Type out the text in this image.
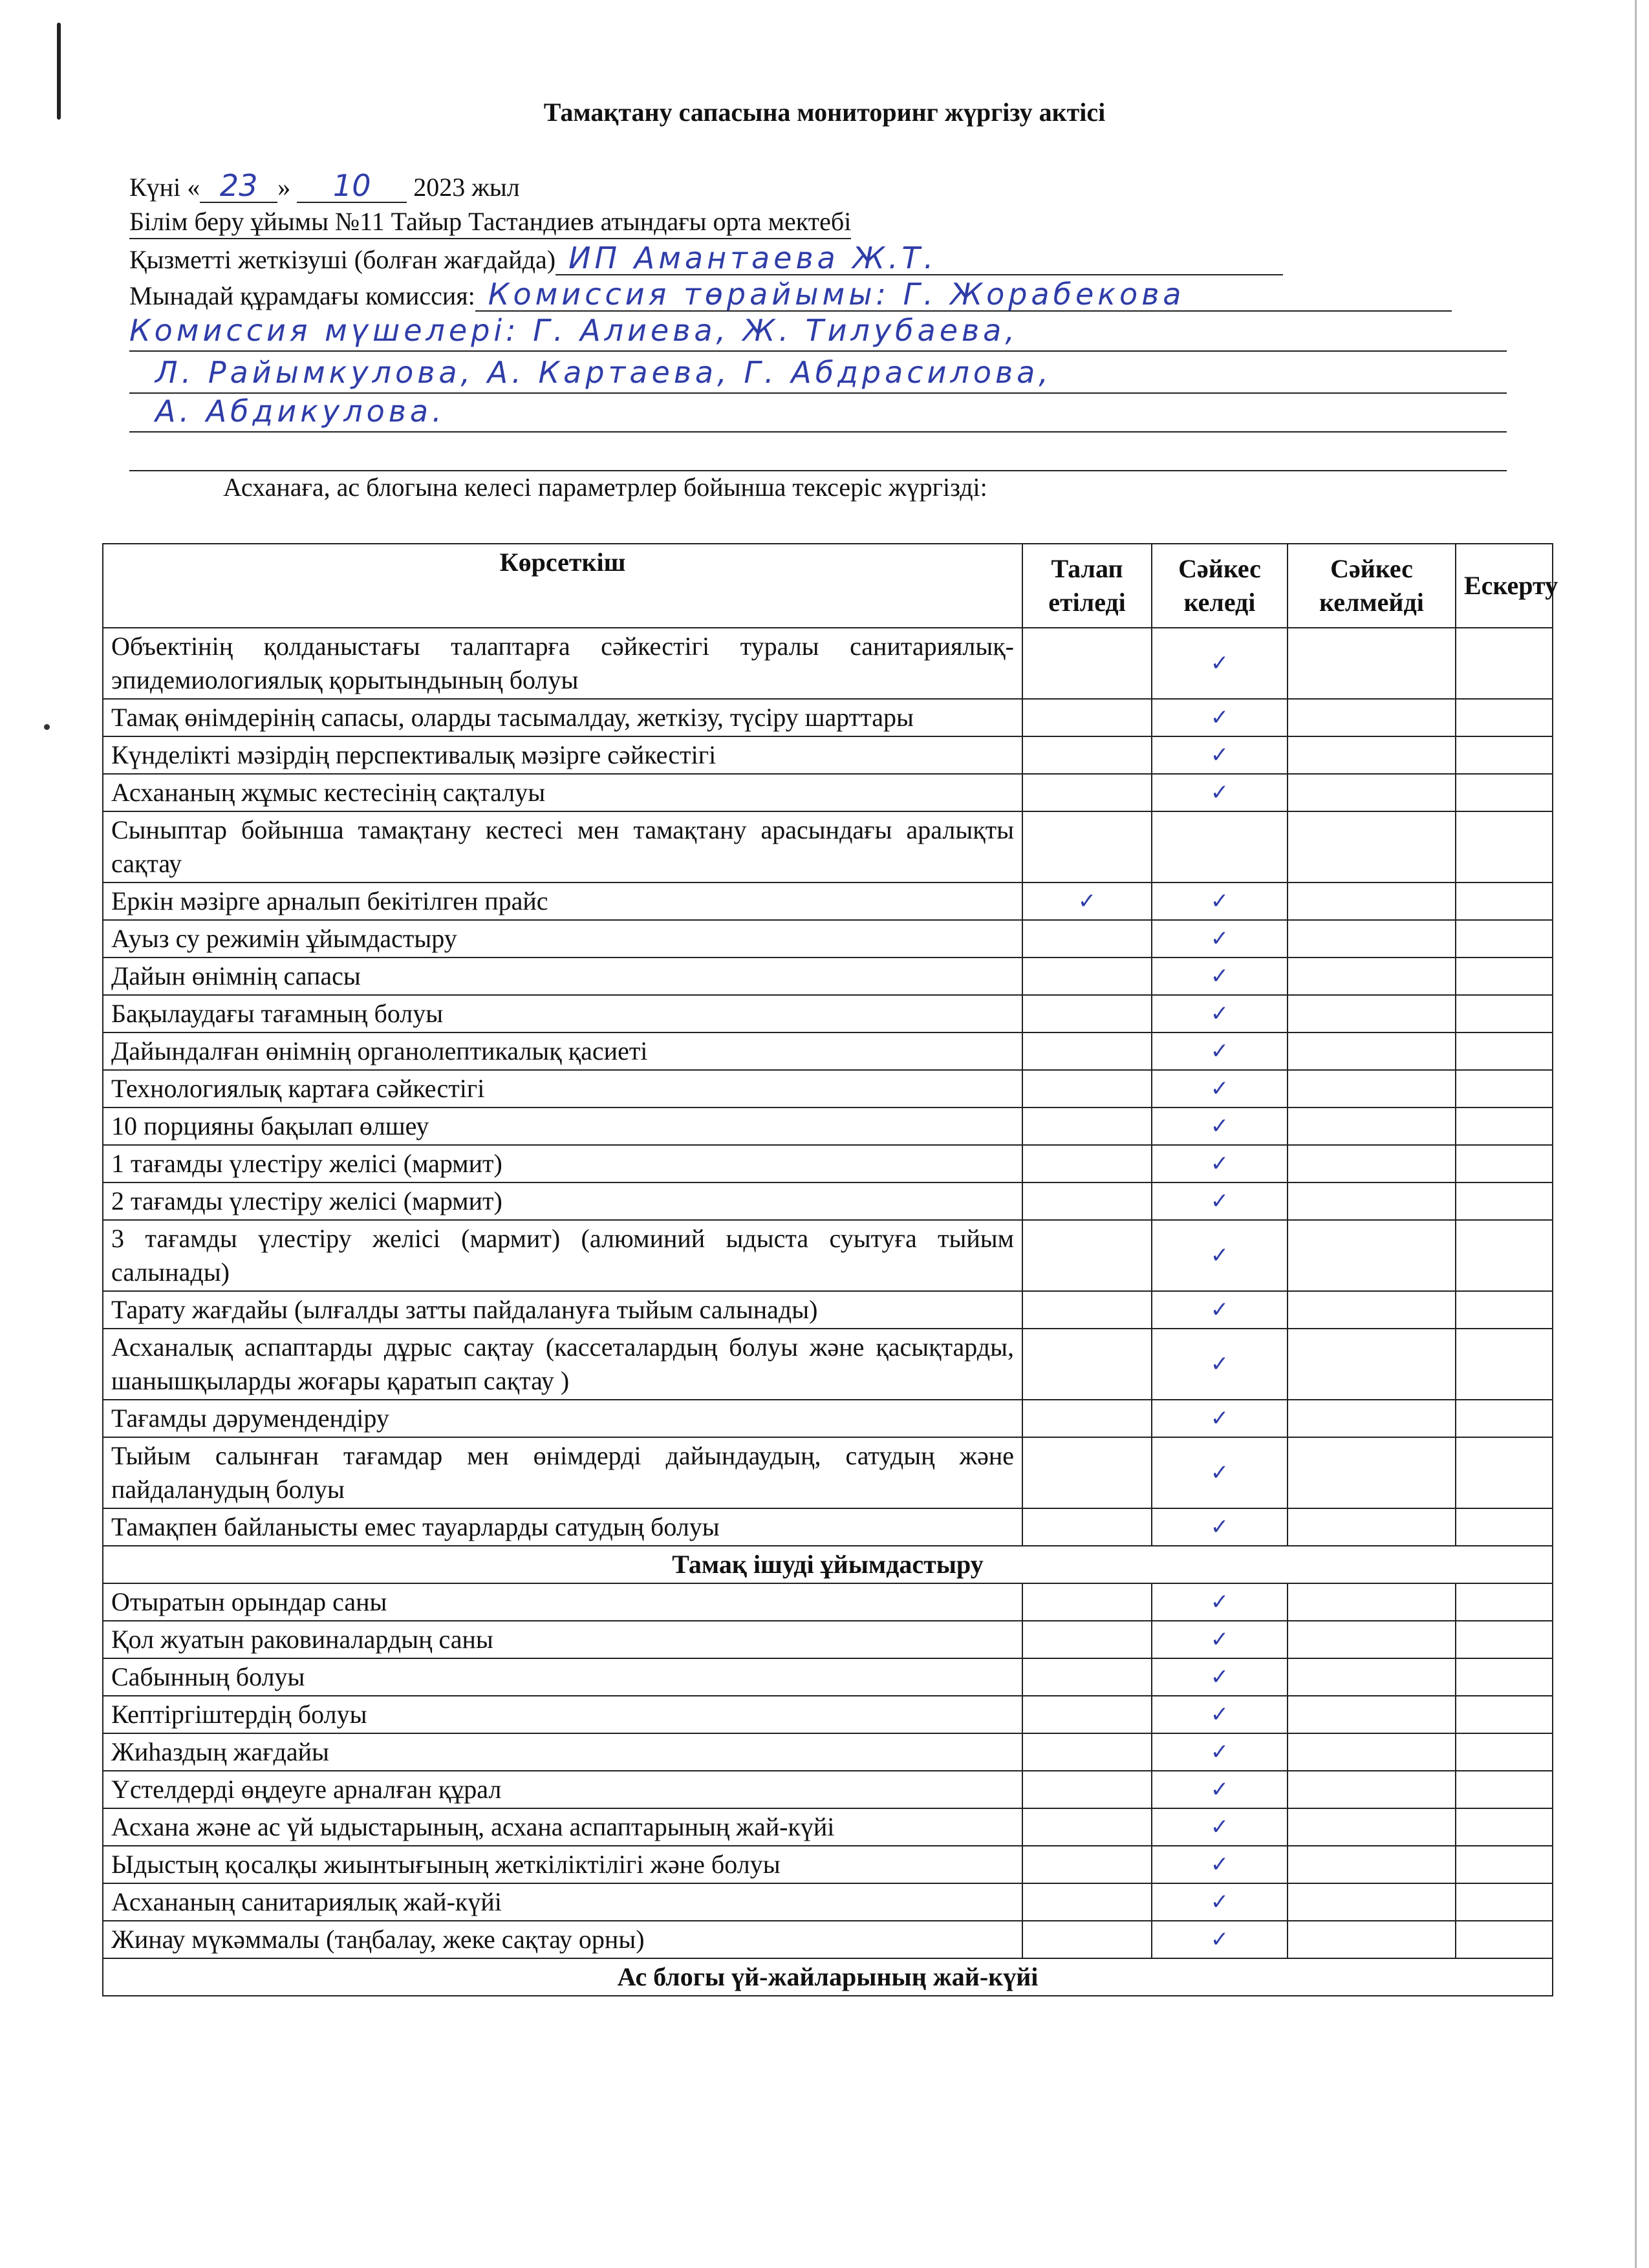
Тамақтану сапасына мониторинг жүргізу актісі
Күні « 23 » 10 2023 жыл
Білім беру ұйымы №11 Тайыр Тастандиев атындағы орта мектебі
Қызметті жеткізуші (болған жағдайда) ИП Амантаева Ж.Т.
Мынадай құрамдағы комиссия: Комиссия төрайымы: Г. Жорабекова
Комиссия мүшелері: Г. Алиева, Ж. Тилубаева,
Л. Райымкулова, А. Картаева, Г. Абдрасилова,
А. Абдикулова.
Асханаға, ас блогына келесі параметрлер бойынша тексеріс жүргізді:
Көрсеткіш	Талап етіледі	Сәйкес келеді	Сәйкес келмейді	Ескерту
Объектінің қолданыстағы талаптарға сәйкестігі туралы санитариялық-эпидемиологиялық қорытындының болуы		✓		
Тамақ өнімдерінің сапасы, оларды тасымалдау, жеткізу, түсіру шарттары		✓		
Күнделікті мәзірдің перспективалық мәзірге сәйкестігі		✓		
Асхананың жұмыс кестесінің сақталуы		✓		
Сыныптар бойынша тамақтану кестесі мен тамақтану арасындағы аралықты сақтау				
Еркін мәзірге арналып бекітілген прайс	✓	✓		
Ауыз су режимін ұйымдастыру		✓		
Дайын өнімнің сапасы		✓		
Бақылаудағы тағамның болуы		✓		
Дайындалған өнімнің органолептикалық қасиеті		✓		
Технологиялық картаға сәйкестігі		✓		
10 порцияны бақылап өлшеу		✓		
1 тағамды үлестіру желісі (мармит)		✓		
2 тағамды үлестіру желісі (мармит)		✓		
3 тағамды үлестіру желісі (мармит) (алюминий ыдыста суытуға тыйым салынады)		✓		
Тарату жағдайы (ылғалды затты пайдалануға тыйым салынады)		✓		
Асханалық аспаптарды дұрыс сақтау (кассеталардың болуы және қасықтарды, шанышқыларды жоғары қаратып сақтау )		✓		
Тағамды дәрумендендіру		✓		
Тыйым салынған тағамдар мен өнімдерді дайындаудың, сатудың және пайдаланудың болуы		✓		
Тамақпен байланысты емес тауарларды сатудың болуы		✓		
Тамақ ішуді ұйымдастыру				
Отыратын орындар саны		✓		
Қол жуатын раковиналардың саны		✓		
Сабынның болуы		✓		
Кептіргіштердің болуы		✓		
Жиһаздың жағдайы		✓		
Үстелдерді өңдеуге арналған құрал		✓		
Асхана және ас үй ыдыстарының, асхана аспаптарының жай-күйі		✓		
Ыдыстың қосалқы жиынтығының жеткіліктілігі және болуы		✓		
Асхананың санитариялық жай-күйі		✓		
Жинау мүкәммалы (таңбалау, жеке сақтау орны)		✓		
Ас блогы үй-жайларының жай-күйі				
